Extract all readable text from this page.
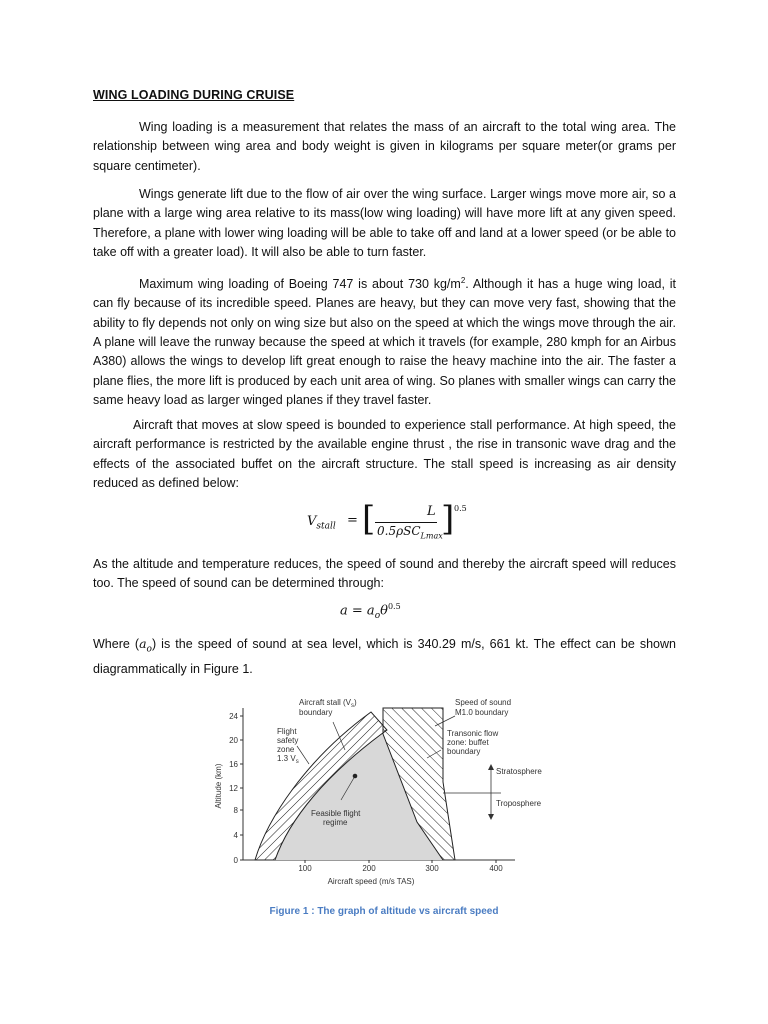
WING LOADING DURING CRUISE

Wing loading is a measurement that relates the mass of an aircraft to the total wing area. The relationship between wing area and body weight is given in kilograms per square meter(or grams per square centimeter).

Wings generate lift due to the flow of air over the wing surface. Larger wings move more air, so a plane with a large wing area relative to its mass(low wing loading) will have more lift at any given speed. Therefore, a plane with lower wing loading will be able to take off and land at a lower speed (or be able to take off with a greater load). It will also be able to turn faster.

Maximum wing loading of Boeing 747 is about 730 $kg/m^2$. Although it has a huge wing load, it can fly because of its incredible speed. Planes are heavy, but they can move very fast, showing that the ability to fly depends not only on wing size but also on the speed at which the wings move through the air. A plane will leave the runway because the speed at which it travels (for example, 280 kmph for an Airbus A380) allows the wings to develop lift great enough to raise the heavy machine into the air. The faster a plane flies, the more lift is produced by each unit area of wing. So planes with smaller wings can carry the same heavy load as larger winged planes if they travel faster.

Aircraft that moves at slow speed is bounded to experience stall performance. At high speed, the aircraft performance is restricted by the available engine thrust , the rise in transonic wave drag and the effects of the associated buffet on the aircraft structure. The stall speed is increasing as air density reduced as defined below:

$V_{stall}$ = [	L
0.5ρSC$_{Lmax}$
] 0.5

As the altitude and temperature reduces, the speed of sound and thereby the aircraft speed will reduces too. The speed of sound can be determined through:

$a = a_o\theta^{0.5}$

Where $(a_o)$ is the speed of sound at sea level, which is 340.29 m/s, 661 kt. The effect can be shown diagrammatically in Figure 1.

0
4
8
12
16
20
24
100	200	300	400
Aircraft speed (m/s TAS)
Altitude (km)
Aircraft stall $(V_s)$
boundary
Speed of sound
M1.0 boundary
Flight
safety
zone
1.3 $V_s$
Transonic flow
zone: buffet
boundary
Stratosphere
Troposphere
Feasible flight
regime
Figure 1 : The graph of altitude vs aircraft speed
